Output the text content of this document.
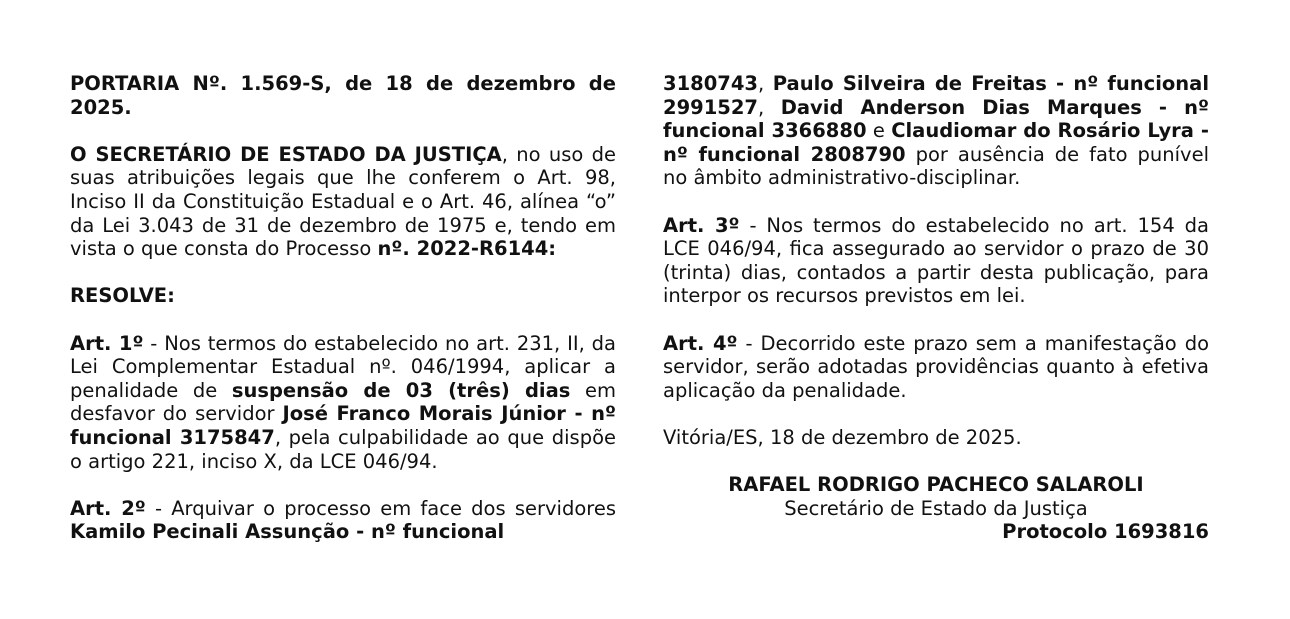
PORTARIA Nº. 1.569-S, de 18 de dezembro de 2025.

O SECRETÁRIO DE ESTADO DA JUSTIÇA, no uso de suas atribuições legais que lhe conferem o Art. 98, Inciso II da Constituição Estadual e o Art. 46, alínea “o” da Lei 3.043 de 31 de dezembro de 1975 e, tendo em vista o que consta do Processo nº. 2022-R6144:

RESOLVE:

Art. 1º - Nos termos do estabelecido no art. 231, II, da Lei Complementar Estadual nº. 046/1994, aplicar a penalidade de suspensão de 03 (três) dias em desfavor do servidor José Franco Morais Júnior - nº funcional 3175847, pela culpabilidade ao que dispõe o artigo 221, inciso X, da LCE 046/94.

Art. 2º - Arquivar o processo em face dos servidores Kamilo Pecinali Assunção - nº funcional

3180743, Paulo Silveira de Freitas - nº funcional 2991527, David Anderson Dias Marques - nº funcional 3366880 e Claudiomar do Rosário Lyra - nº funcional 2808790 por ausência de fato punível no âmbito administrativo-disciplinar.

Art. 3º - Nos termos do estabelecido no art. 154 da LCE 046/94, fica assegurado ao servidor o prazo de 30 (trinta) dias, contados a partir desta publicação, para interpor os recursos previstos em lei.

Art. 4º - Decorrido este prazo sem a manifestação do servidor, serão adotadas providências quanto à efetiva aplicação da penalidade.

Vitória/ES, 18 de dezembro de 2025.

RAFAEL RODRIGO PACHECO SALAROLI

Secretário de Estado da Justiça

Protocolo 1693816
